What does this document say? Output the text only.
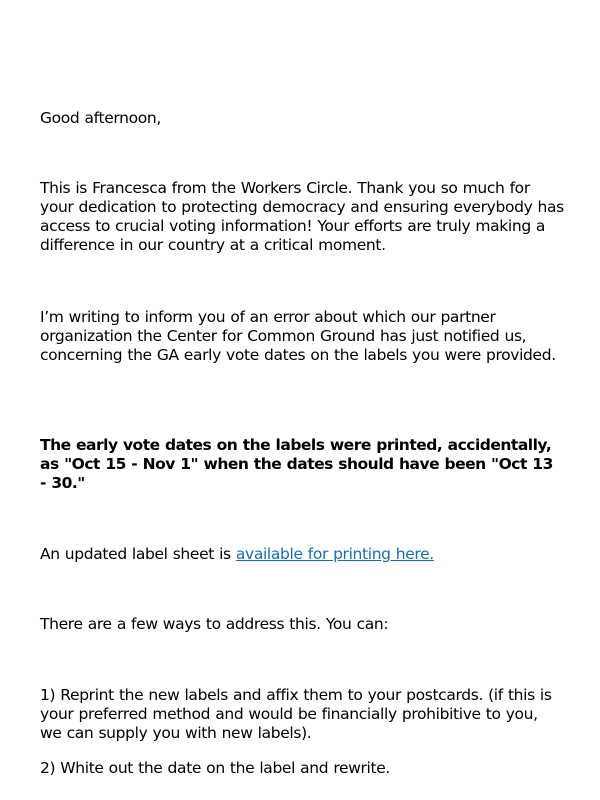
Good afternoon,

This is Francesca from the Workers Circle. Thank you so much for your dedication to protecting democracy and ensuring everybody has access to crucial voting information! Your efforts are truly making a difference in our country at a critical moment.

I’m writing to inform you of an error about which our partner organization the Center for Common Ground has just notified us, concerning the GA early vote dates on the labels you were provided.

The early vote dates on the labels were printed, accidentally, as "Oct 15 - Nov 1" when the dates should have been "Oct 13 - 30."

An updated label sheet is available for printing here.

There are a few ways to address this. You can:

1) Reprint the new labels and affix them to your postcards. (if this is your preferred method and would be financially prohibitive to you, we can supply you with new labels).

2) White out the date on the label and rewrite.
